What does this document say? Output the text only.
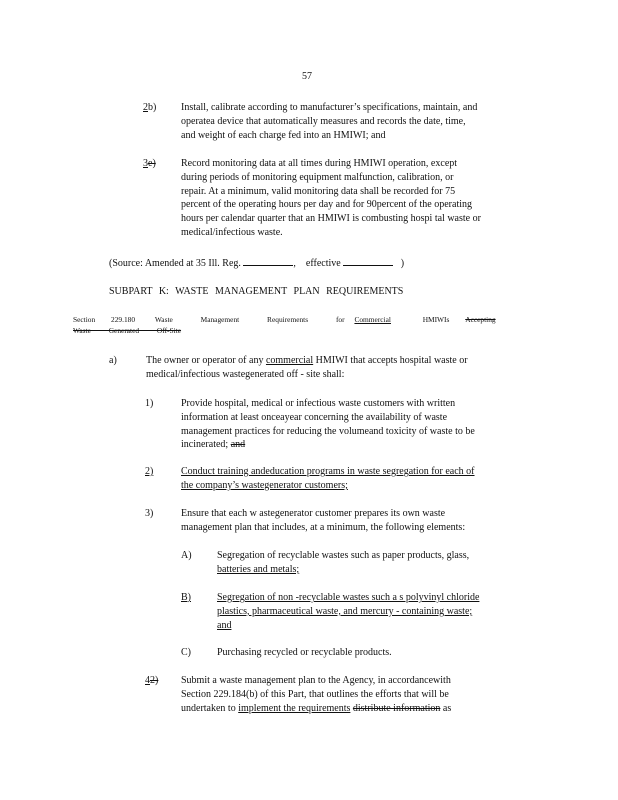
57
2b) Install, calibrate according to manufacturer’s specifications, maintain, and
operatea device that automatically measures and records the date, time,
and weight of each charge fed into an HMIWI; and
3e)	Record monitoring data at all times during HMIWI operation, except
during periods of monitoring equipment malfunction, calibration, or
repair. At a minimum, valid monitoring data shall be recorded for 75
percent of the operating hours per day and for 90percent of the operating
hours per calendar quarter that an HMIWI is combusting hospi tal waste or
medical/infectious waste.
(Source: Amended at 35 Ill. Reg.	, effective	)
SUBPART K: WASTE MANAGEMENT PLAN REQUIREMENTS
Section 229.180	Waste Management Requirements for Commercial	HMIWIs Accepting
Waste Generated Off-Site
a)	The owner or operator of any commercial HMIWI that accepts hospital waste or
medical/infectious wastegenerated off - site shall:
1)	Provide hospital, medical or infectious waste customers with written
information at least onceayear concerning the availability of waste
management practices for reducing the volumeand toxicity of waste to be
incinerated; and
2)	Conduct training andeducation programs in waste segregation for each of
the company’s wastegenerator customers;
3)	Ensure that each w astegenerator customer prepares its own waste
management plan that includes, at a minimum, the following elements:
A)	Segregation of recyclable wastes such as paper products, glass,
batteries and metals;
B)	Segregation of non -recyclable wastes such a s polyvinyl chloride
plastics, pharmaceutical waste, and mercury - containing waste;
and
C)	Purchasing recycled or recyclable products.
42) Submit a waste management plan to the Agency, in accordancewith
Section 229.184(b) of this Part, that outlines the efforts that will be
undertaken to implement the requirements distribute information as
